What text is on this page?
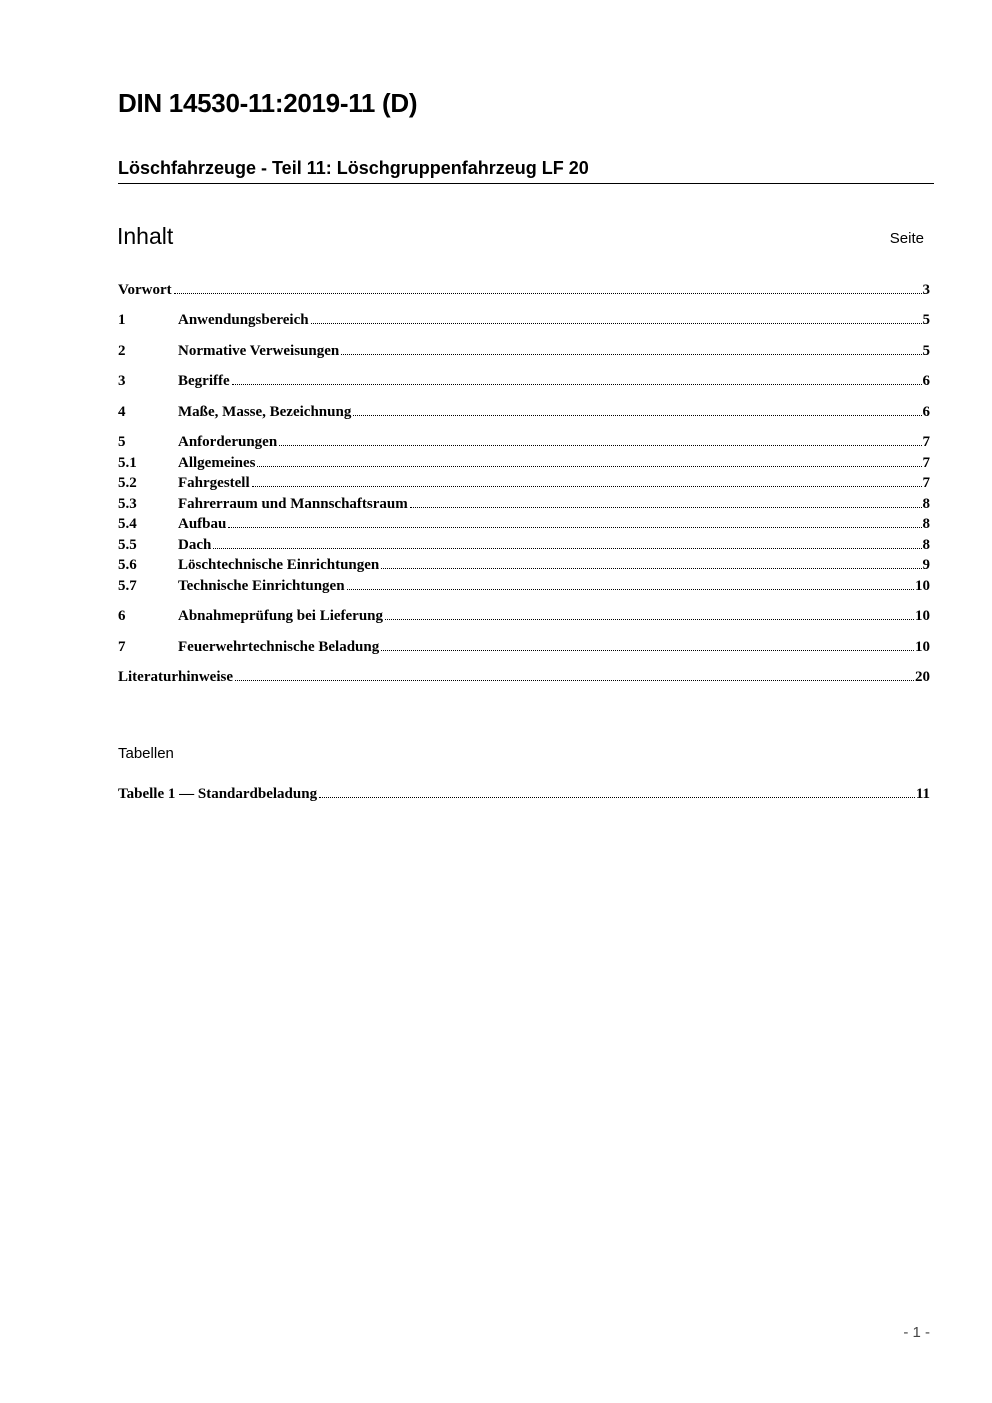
DIN 14530-11:2019-11 (D)
Löschfahrzeuge - Teil 11: Löschgruppenfahrzeug LF 20
Inhalt	Seite
Vorwort	3
1	Anwendungsbereich	5
2	Normative Verweisungen	5
3	Begriffe	6
4	Maße, Masse, Bezeichnung	6
5	Anforderungen	7
5.1	Allgemeines	7
5.2	Fahrgestell	7
5.3	Fahrerraum und Mannschaftsraum	8
5.4	Aufbau	8
5.5	Dach	8
5.6	Löschtechnische Einrichtungen	9
5.7	Technische Einrichtungen	10
6	Abnahmeprüfung bei Lieferung	10
7	Feuerwehrtechnische Beladung	10
Literaturhinweise	20
Tabellen
Tabelle 1 — Standardbeladung	11
- 1 -
